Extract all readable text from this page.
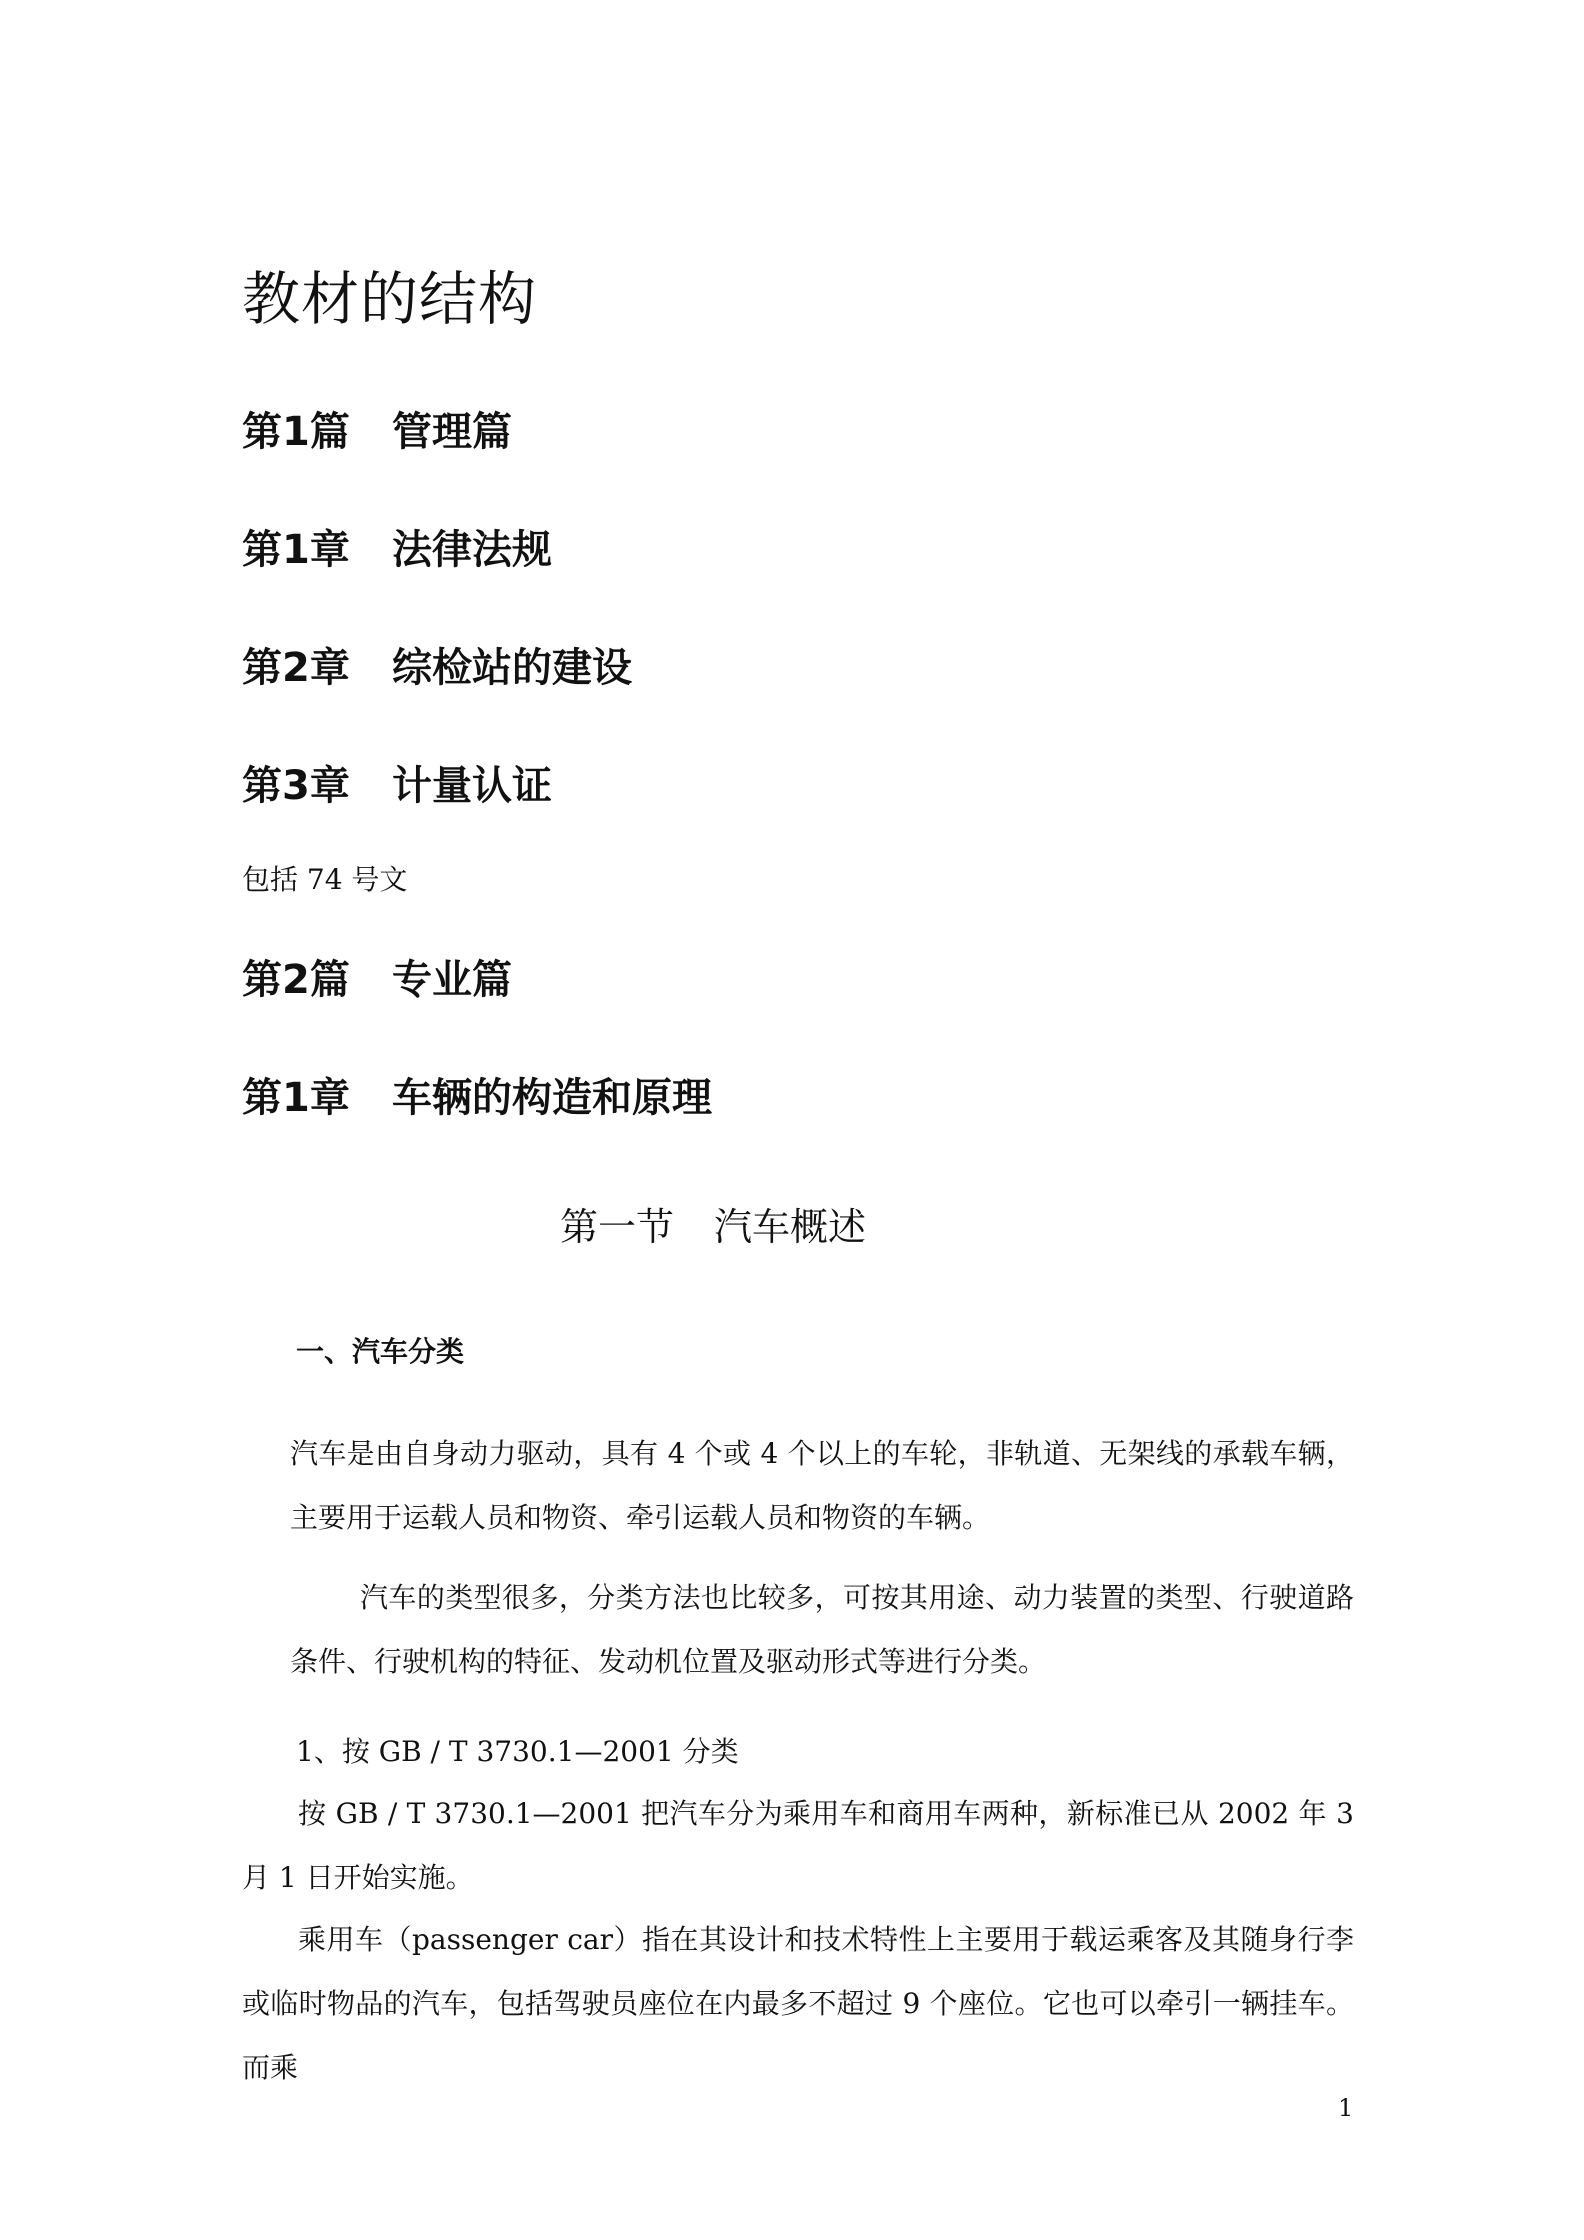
教材的结构
第1篇 管理篇
第1章 法律法规
第2章 综检站的建设
第3章 计量认证
包括 74 号文
第2篇 专业篇
第1章 车辆的构造和原理
第一节 汽车概述
一、汽车分类
汽车是由自身动力驱动，具有 4 个或 4 个以上的车轮，非轨道、无架线的承载车辆，主要用于运载人员和物资、牵引运载人员和物资的车辆。
汽车的类型很多，分类方法也比较多，可按其用途、动力装置的类型、行驶道路条件、行驶机构的特征、发动机位置及驱动形式等进行分类。
1、按 GB / T 3730.1—2001 分类
按 GB / T 3730.1—2001 把汽车分为乘用车和商用车两种，新标准已从 2002 年 3 月 1 日开始实施。
乘用车（passenger car）指在其设计和技术特性上主要用于载运乘客及其随身行李或临时物品的汽车，包括驾驶员座位在内最多不超过 9 个座位。它也可以牵引一辆挂车。而乘
1
